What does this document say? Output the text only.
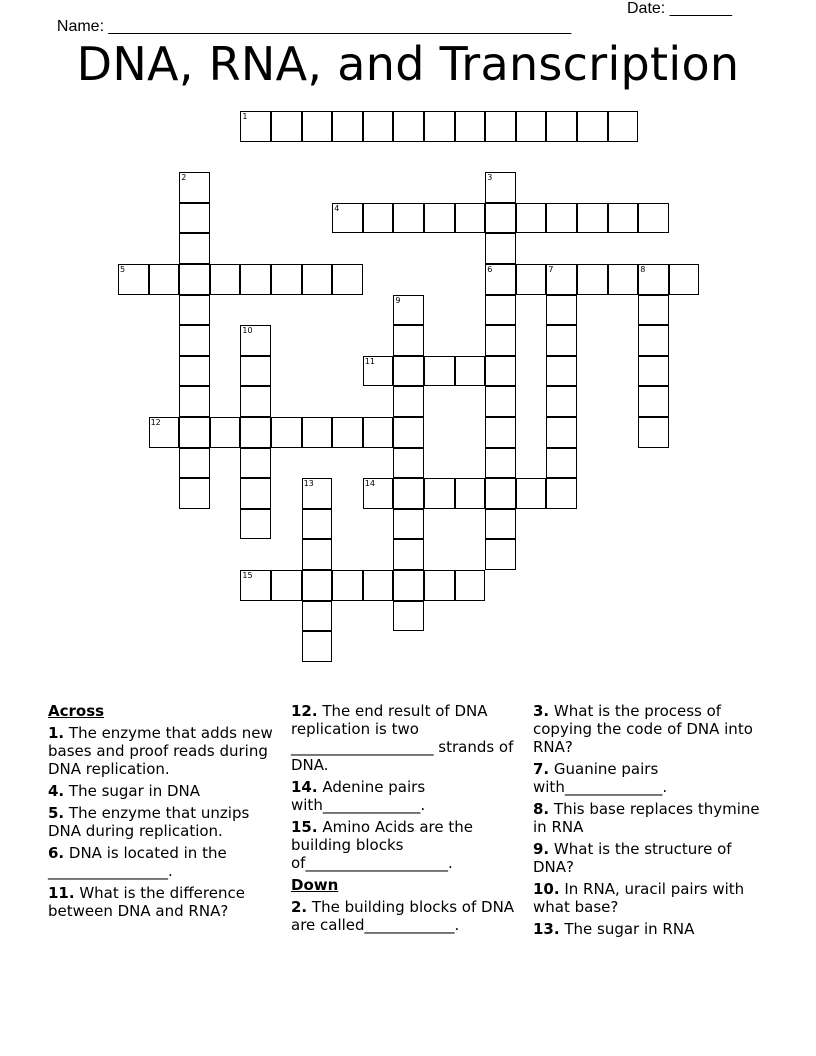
Name: ____________________________________________________

Date: _______

DNA, RNA, and Transcription
1
2	3
6
4
5	7	8
9
10
11
12
13	14
15
Across
1. The enzyme that adds new bases and proof reads during DNA replication.
4. The sugar in DNA
5. The enzyme that unzips DNA during replication.
6. DNA is located in the ________________.
11. What is the difference between DNA and RNA?
12. The end result of DNA replication is two ___________________ strands of DNA.
14. Adenine pairs with_____________.
15. Amino Acids are the building blocks of___________________.
Down
2. The building blocks of DNA are called____________.
3. What is the process of copying the code of DNA into RNA?
7. Guanine pairs with_____________.
8. This base replaces thymine in RNA
9. What is the structure of DNA?
10. In RNA, uracil pairs with what base?
13. The sugar in RNA
